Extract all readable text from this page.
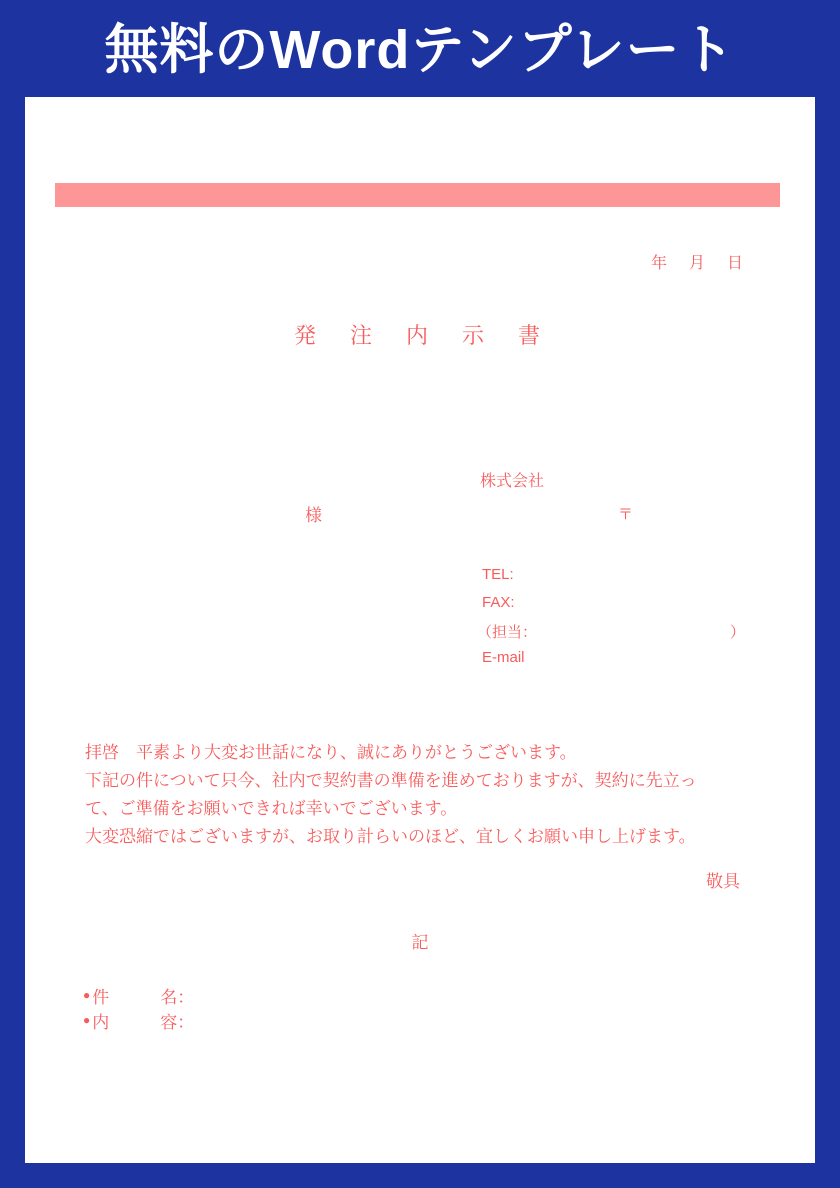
無料のWordテンプレート
年　月　日
発　注　内　示　書
株式会社
様	〒
TEL:
FAX:
（担当：	）
E-mail
拝啓　平素より大変お世話になり、誠にありがとうございます。
下記の件について只今、社内で契約書の準備を進めておりますが、契約に先立っ
て、ご準備をお願いできれば幸いでございます。
大変恐縮ではございますが、お取り計らいのほど、宜しくお願い申し上げます。
敬具
記
● 件　　　名：
● 内　　　容：
